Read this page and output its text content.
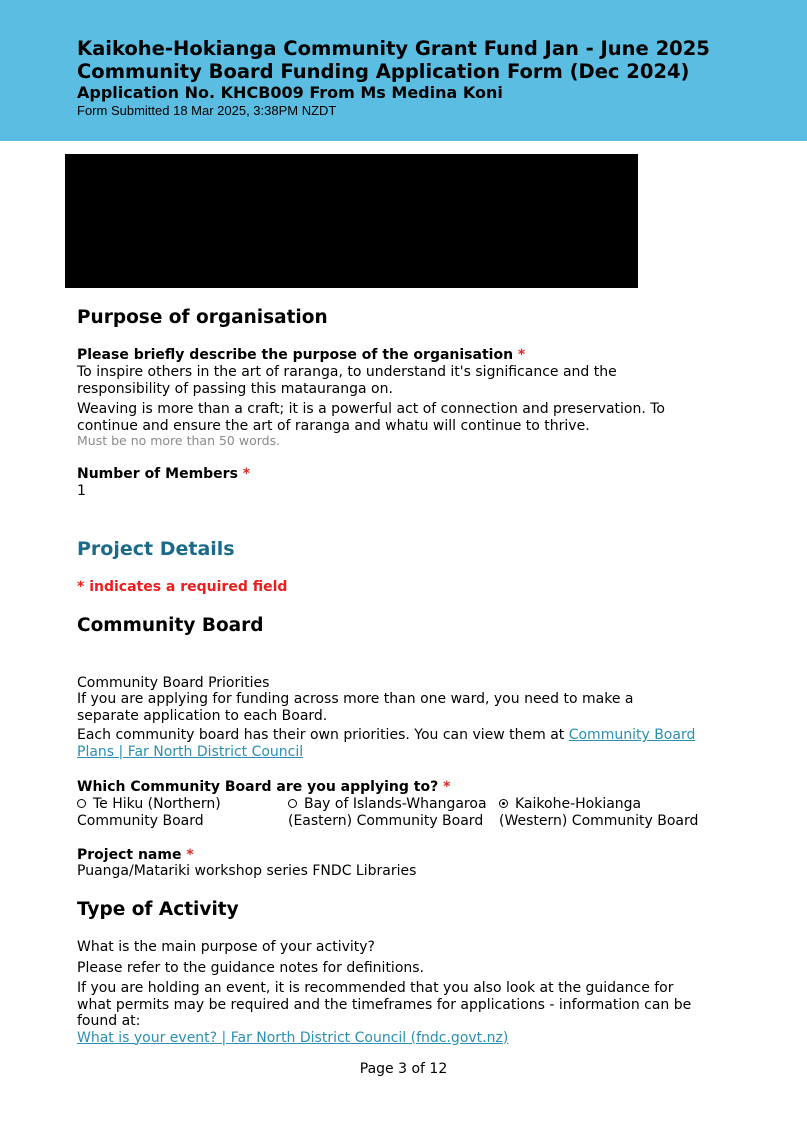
Kaikohe-Hokianga Community Grant Fund Jan - June 2025
Community Board Funding Application Form (Dec 2024)
Application No. KHCB009 From Ms Medina Koni
Form Submitted 18 Mar 2025, 3:38PM NZDT
Purpose of organisation
Please briefly describe the purpose of the organisation *

To inspire others in the art of raranga, to understand it's significance and the responsibility of passing this matauranga on.

Weaving is more than a craft; it is a powerful act of connection and preservation. To continue and ensure the art of raranga and whatu will continue to thrive.

Must be no more than 50 words.
Number of Members *
1
Project Details
* indicates a required field
Community Board
Community Board Priorities

If you are applying for funding across more than one ward, you need to make a separate application to each Board.

Each community board has their own priorities. You can view them at Community Board Plans | Far North District Council

Which Community Board are you applying to? *
Te Hiku (Northern) Community Board
Bay of Islands-Whangaroa (Eastern) Community Board
Kaikohe-Hokianga (Western) Community Board
Project name *
Puanga/Matariki workshop series FNDC Libraries
Type of Activity
What is the main purpose of your activity?
Please refer to the guidance notes for definitions.

If you are holding an event, it is recommended that you also look at the guidance for what permits may be required and the timeframes for applications - information can be found at:
What is your event? | Far North District Council (fndc.govt.nz)

Page 3 of 12
